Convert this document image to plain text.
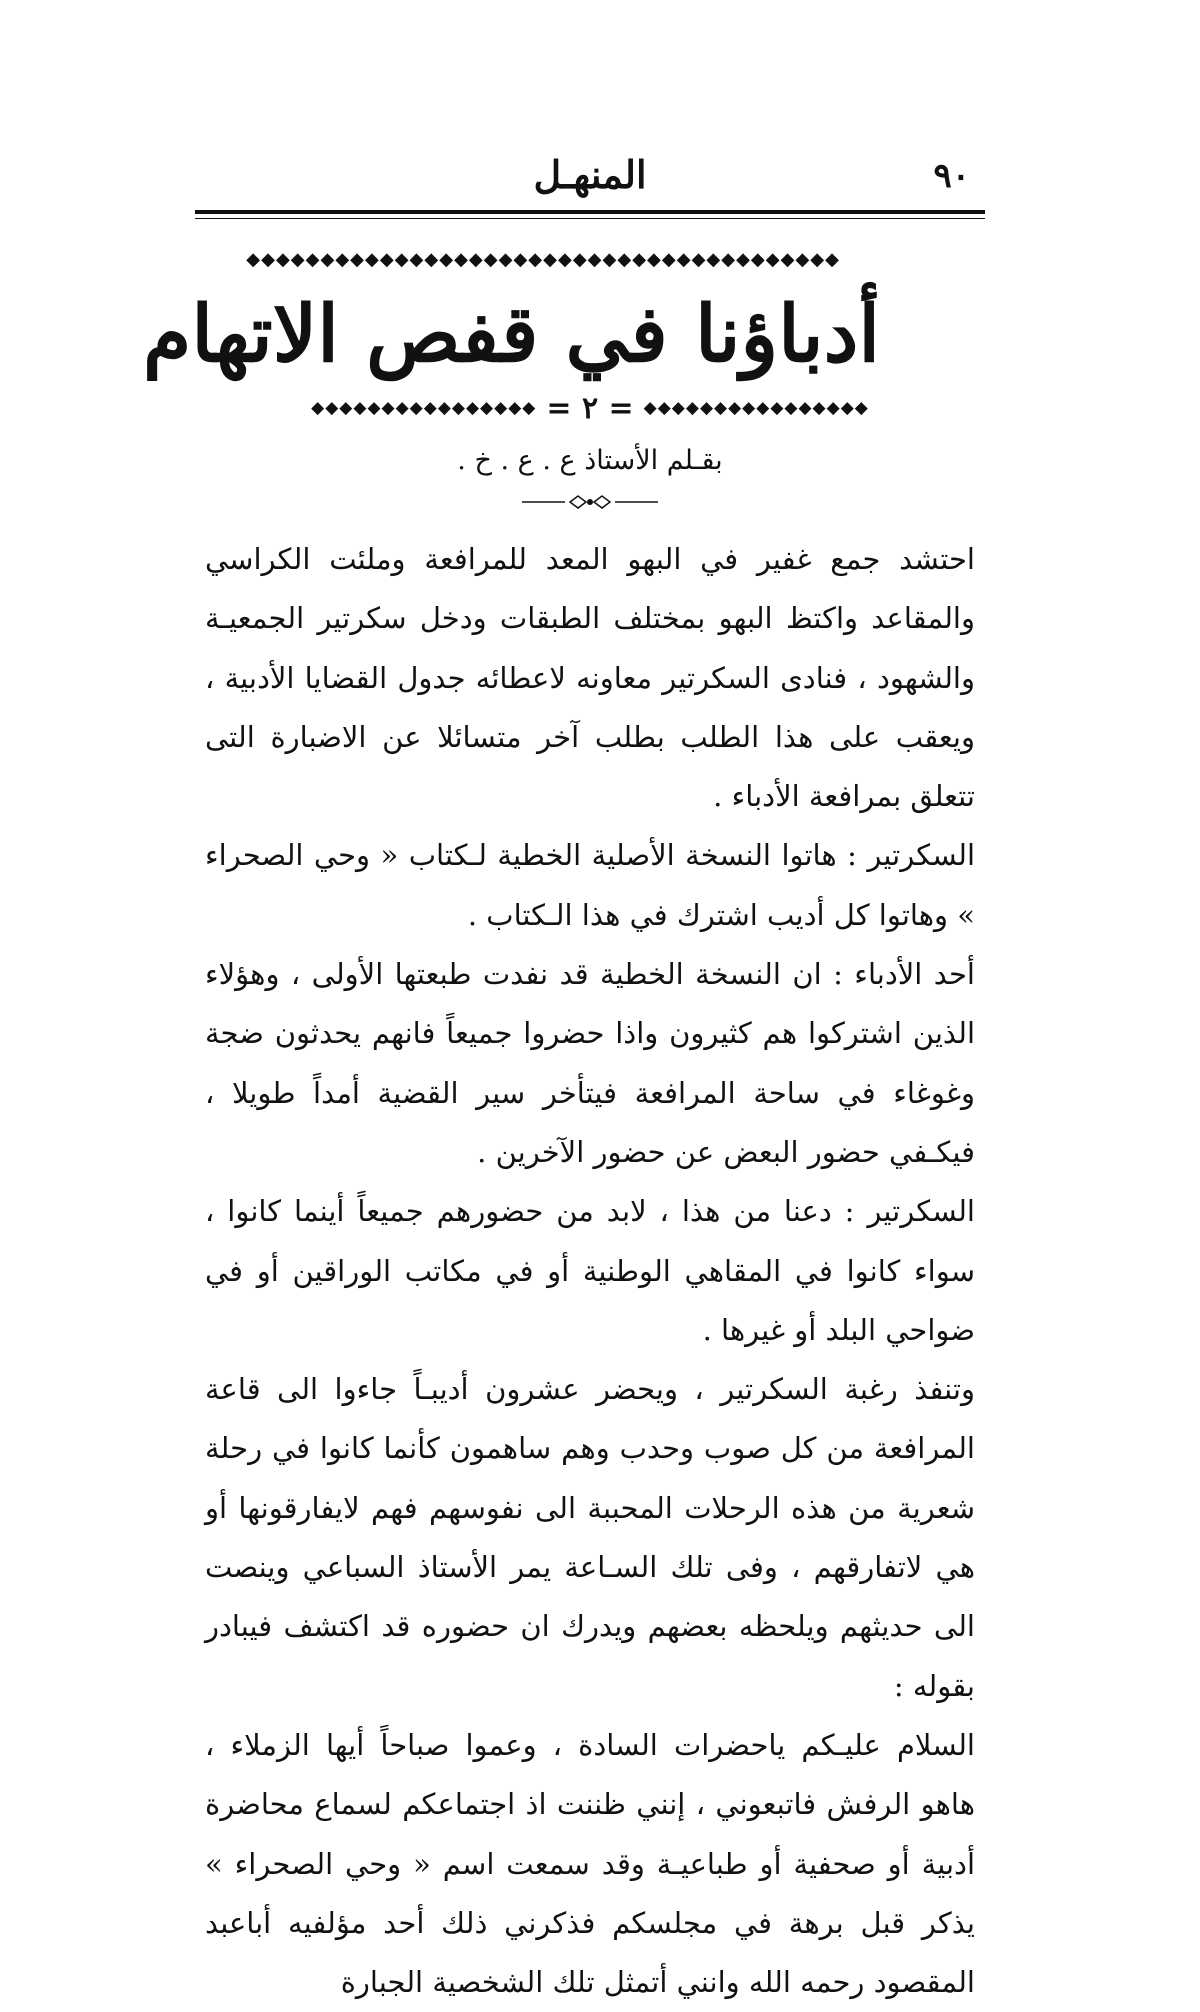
٩٠
المنهـل
◆◆◆◆◆◆◆◆◆◆◆◆◆◆◆◆◆◆◆◆◆◆◆◆◆◆◆◆◆◆◆◆◆◆◆◆◆◆◆◆
أدباؤنا في قفص الاتهام
◆◆◆◆◆◆◆◆◆◆◆◆◆◆◆◆ = ٢ = ◆◆◆◆◆◆◆◆◆◆◆◆◆◆◆◆
بقـلم الأستاذ ع . ع . خ .

احتشد جمع غفير في البهو المعد للمرافعة وملئت الكراسي والمقاعد واكتظ البهو بمختلف الطبقات ودخل سكرتير الجمعيـة والشهود ، فنادى السكرتير معاونه لاعطائه جدول القضايا الأدبية ، ويعقب على هذا الطلب بطلب آخر متسائلا عن الاضبارة التى تتعلق بمرافعة الأدباء .

السكرتير : هاتوا النسخة الأصلية الخطية لـكتاب « وحي الصحراء » وهاتوا كل أديب اشترك في هذا الـكتاب .

أحد الأدباء : ان النسخة الخطية قد نفدت طبعتها الأولى ، وهؤلاء الذين اشتركوا هم كثيرون واذا حضروا جميعاً فانهم يحدثون ضجة وغوغاء في ساحة المرافعة فيتأخر سير القضية أمداً طويلا ، فيكـفي حضور البعض عن حضور الآخرين .

السكرتير : دعنا من هذا ، لابد من حضورهم جميعاً أينما كانوا ، سواء كانوا في المقاهي الوطنية أو في مكاتب الوراقين أو في ضواحي البلد أو غيرها .

وتنفذ رغبة السكرتير ، ويحضر عشرون أديبـاً جاءوا الى قاعة المرافعة من كل صوب وحدب وهم ساهمون كأنما كانوا في رحلة شعرية من هذه الرحلات المحببة الى نفوسهم فهم لايفارقونها أو هي لاتفارقهم ، وفى تلك السـاعة يمر الأستاذ السباعي وينصت الى حديثهم ويلحظه بعضهم ويدرك ان حضوره قد اكتشف فيبادر بقوله :

السلام عليـكم ياحضرات السادة ، وعموا صباحاً أيها الزملاء ، هاهو الرفش فاتبعوني ، إنني ظننت اذ اجتماعكم لسماع محاضرة أدبية أو صحفية أو طباعيـة وقد سمعت اسم « وحي الصحراء » يذكر قبل برهة في مجلسكم فذكرني ذلك أحد مؤلفيه أباعبد المقصود رحمه الله وانني أتمثل تلك الشخصية الجبارة
